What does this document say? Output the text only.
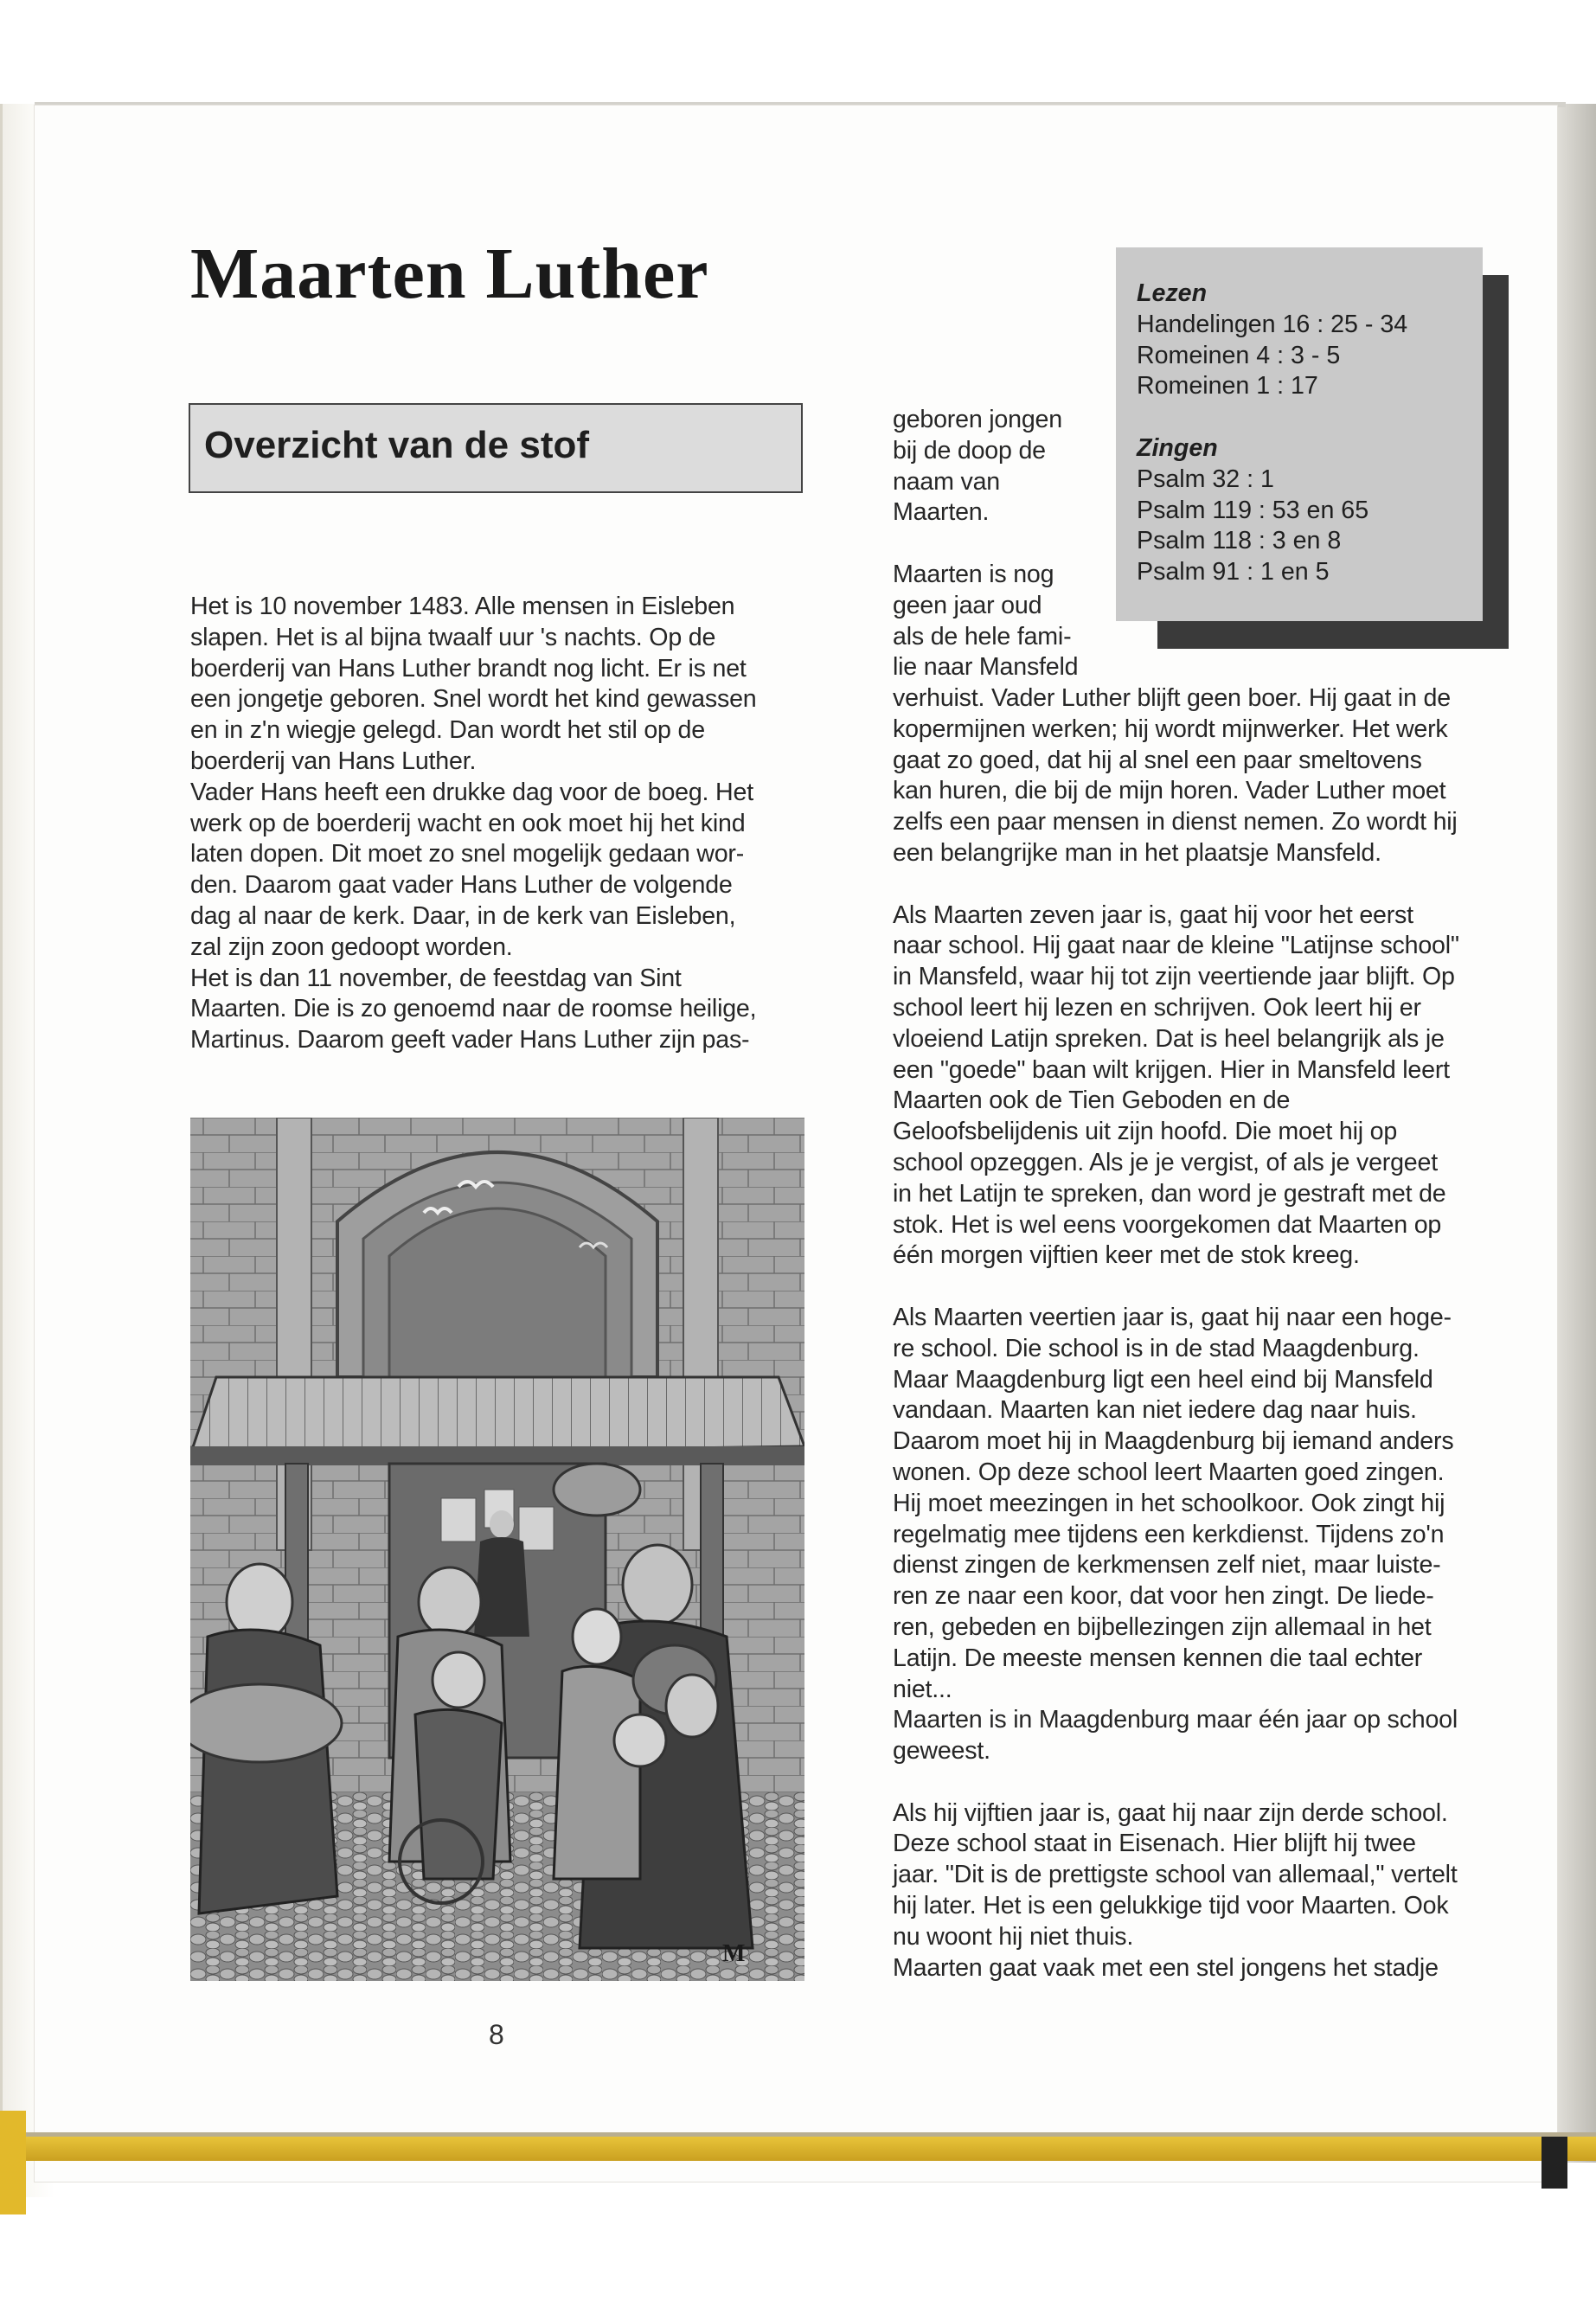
Maarten Luther
Overzicht van de stof

Het is 10 november 1483. Alle mensen in Eisleben

slapen. Het is al bijna twaalf uur 's nachts. Op de

boerderij van Hans Luther brandt nog licht. Er is net

een jongetje geboren. Snel wordt het kind gewassen

en in z'n wiegje gelegd. Dan wordt het stil op de

boerderij van Hans Luther.

Vader Hans heeft een drukke dag voor de boeg. Het

werk op de boerderij wacht en ook moet hij het kind

laten dopen. Dit moet zo snel mogelijk gedaan wor-

den. Daarom gaat vader Hans Luther de volgende

dag al naar de kerk. Daar, in de kerk van Eisleben,

zal zijn zoon gedoopt worden.

Het is dan 11 november, de feestdag van Sint

Maarten. Die is zo genoemd naar de roomse heilige,

Martinus. Daarom geeft vader Hans Luther zijn pas-

geboren jongen

bij de doop de

naam van

Maarten.

Maarten is nog

geen jaar oud

als de hele fami-

lie naar Mansfeld

Lezen
Handelingen 16 : 25 - 34
Romeinen 4 : 3 - 5
Romeinen 1 : 17
Zingen
Psalm 32 : 1
Psalm 119 : 53 en 65
Psalm 118 : 3 en 8
Psalm 91 : 1 en 5

verhuist. Vader Luther blijft geen boer. Hij gaat in de

kopermijnen werken; hij wordt mijnwerker. Het werk

gaat zo goed, dat hij al snel een paar smeltovens

kan huren, die bij de mijn horen. Vader Luther moet

zelfs een paar mensen in dienst nemen. Zo wordt hij

een belangrijke man in het plaatsje Mansfeld.

Als Maarten zeven jaar is, gaat hij voor het eerst

naar school. Hij gaat naar de kleine "Latijnse school"

in Mansfeld, waar hij tot zijn veertiende jaar blijft. Op

school leert hij lezen en schrijven. Ook leert hij er

vloeiend Latijn spreken. Dat is heel belangrijk als je

een "goede" baan wilt krijgen. Hier in Mansfeld leert

Maarten ook de Tien Geboden en de

Geloofsbelijdenis uit zijn hoofd. Die moet hij op

school opzeggen. Als je je vergist, of als je vergeet

in het Latijn te spreken, dan word je gestraft met de

stok. Het is wel eens voorgekomen dat Maarten op

één morgen vijftien keer met de stok kreeg.

Als Maarten veertien jaar is, gaat hij naar een hoge-

re school. Die school is in de stad Maagdenburg.

Maar Maagdenburg ligt een heel eind bij Mansfeld

vandaan. Maarten kan niet iedere dag naar huis.

Daarom moet hij in Maagdenburg bij iemand anders

wonen. Op deze school leert Maarten goed zingen.

Hij moet meezingen in het schoolkoor. Ook zingt hij

regelmatig mee tijdens een kerkdienst. Tijdens zo'n

dienst zingen de kerkmensen zelf niet, maar luiste-

ren ze naar een koor, dat voor hen zingt. De liede-

ren, gebeden en bijbellezingen zijn allemaal in het

Latijn. De meeste mensen kennen die taal echter

niet...

Maarten is in Maagdenburg maar één jaar op school

geweest.

Als hij vijftien jaar is, gaat hij naar zijn derde school.

Deze school staat in Eisenach. Hier blijft hij twee

jaar. "Dit is de prettigste school van allemaal," vertelt

hij later. Het is een gelukkige tijd voor Maarten. Ook

nu woont hij niet thuis.

Maarten gaat vaak met een stel jongens het stadje

M
8
